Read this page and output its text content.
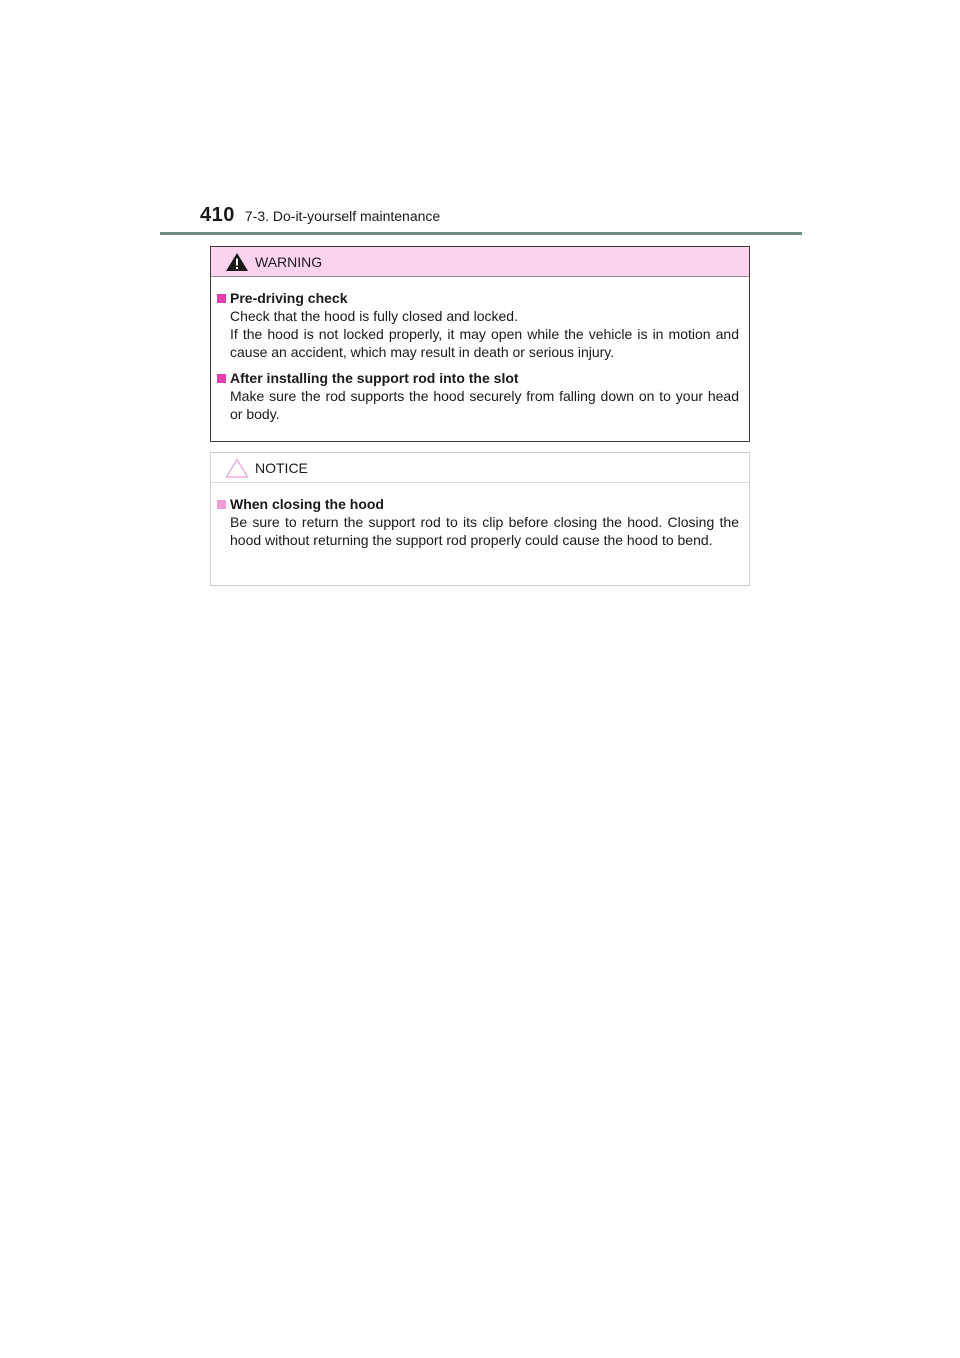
410 7-3. Do-it-yourself maintenance
WARNING
Pre-driving check
Check that the hood is fully closed and locked.
If the hood is not locked properly, it may open while the vehicle is in motion and cause an accident, which may result in death or serious injury.
After installing the support rod into the slot
Make sure the rod supports the hood securely from falling down on to your head or body.
NOTICE
When closing the hood
Be sure to return the support rod to its clip before closing the hood. Closing the hood without returning the support rod properly could cause the hood to bend.
